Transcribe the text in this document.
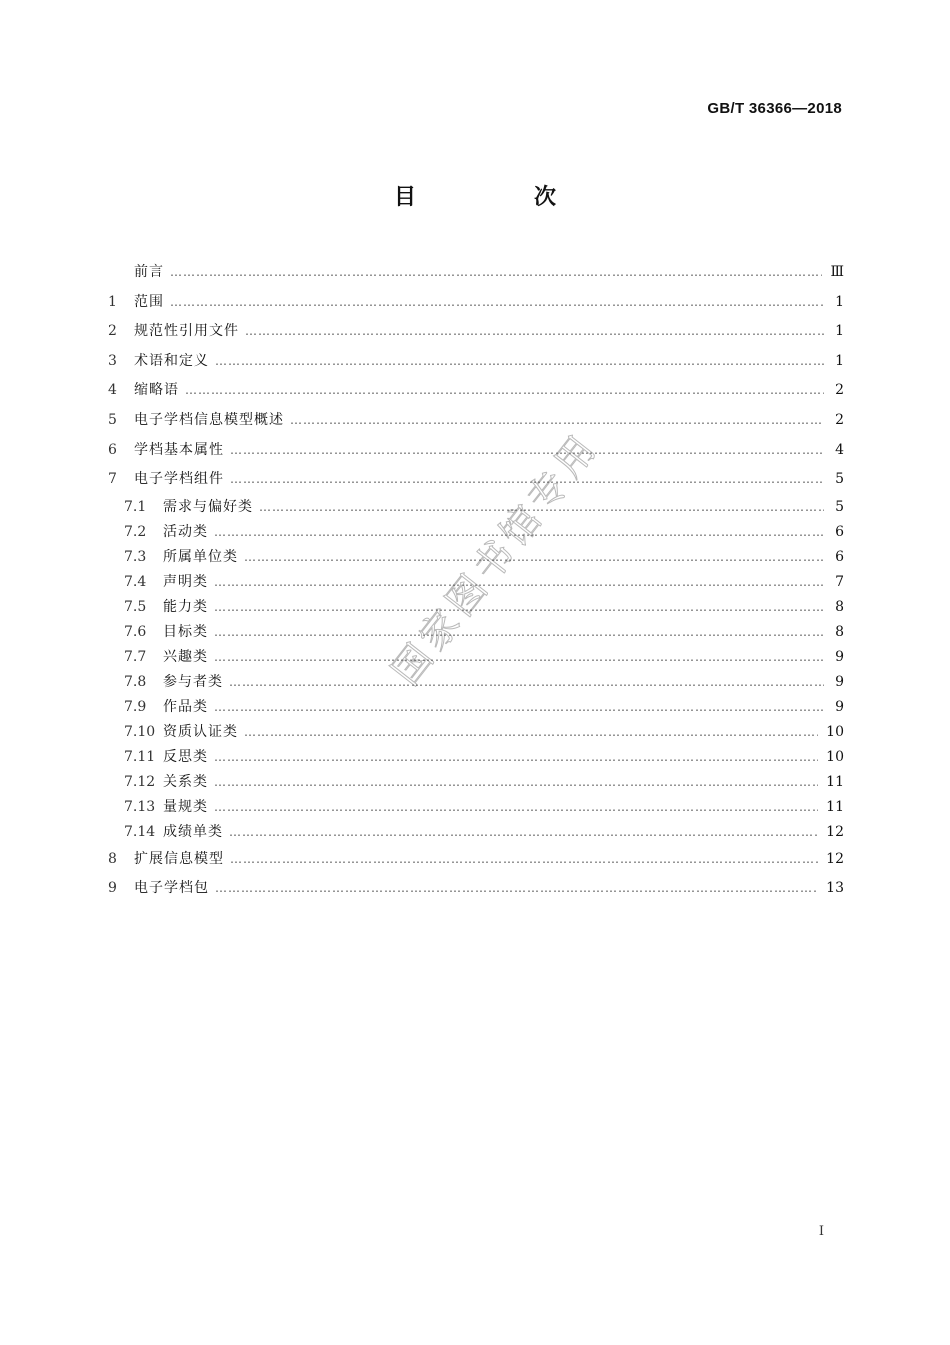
GB/T 36366—2018
目　次
前言 …………………………………………………………………………………………………………………………………………………………………………………………	Ⅲ
1	范围 …………………………………………………………………………………………………………………………………………………………………………………………	1
2	规范性引用文件 …………………………………………………………………………………………………………………………………………………………………………………………	1
3	术语和定义 …………………………………………………………………………………………………………………………………………………………………………………………	1
4	缩略语 …………………………………………………………………………………………………………………………………………………………………………………………	2
5	电子学档信息模型概述 …………………………………………………………………………………………………………………………………………………………………………………………	2
6	学档基本属性 …………………………………………………………………………………………………………………………………………………………………………………………	4
7	电子学档组件 …………………………………………………………………………………………………………………………………………………………………………………………	5
7.1	需求与偏好类 …………………………………………………………………………………………………………………………………………………………………………………………	5
7.2	活动类 …………………………………………………………………………………………………………………………………………………………………………………………	6
7.3	所属单位类 …………………………………………………………………………………………………………………………………………………………………………………………	6
7.4	声明类 …………………………………………………………………………………………………………………………………………………………………………………………	7
7.5	能力类 …………………………………………………………………………………………………………………………………………………………………………………………	8
7.6	目标类 …………………………………………………………………………………………………………………………………………………………………………………………	8
7.7	兴趣类 …………………………………………………………………………………………………………………………………………………………………………………………	9
7.8	参与者类 …………………………………………………………………………………………………………………………………………………………………………………………	9
7.9	作品类 …………………………………………………………………………………………………………………………………………………………………………………………	9
7.10 资质认证类 …………………………………………………………………………………………………………………………………………………………………………………………	10
7.11 反思类 …………………………………………………………………………………………………………………………………………………………………………………………	10
7.12 关系类 …………………………………………………………………………………………………………………………………………………………………………………………	11
7.13 量规类 …………………………………………………………………………………………………………………………………………………………………………………………	11
7.14 成绩单类 …………………………………………………………………………………………………………………………………………………………………………………………	12
8	扩展信息模型 …………………………………………………………………………………………………………………………………………………………………………………………	12
9	电子学档包 …………………………………………………………………………………………………………………………………………………………………………………………	13
国家图书馆专用
I
